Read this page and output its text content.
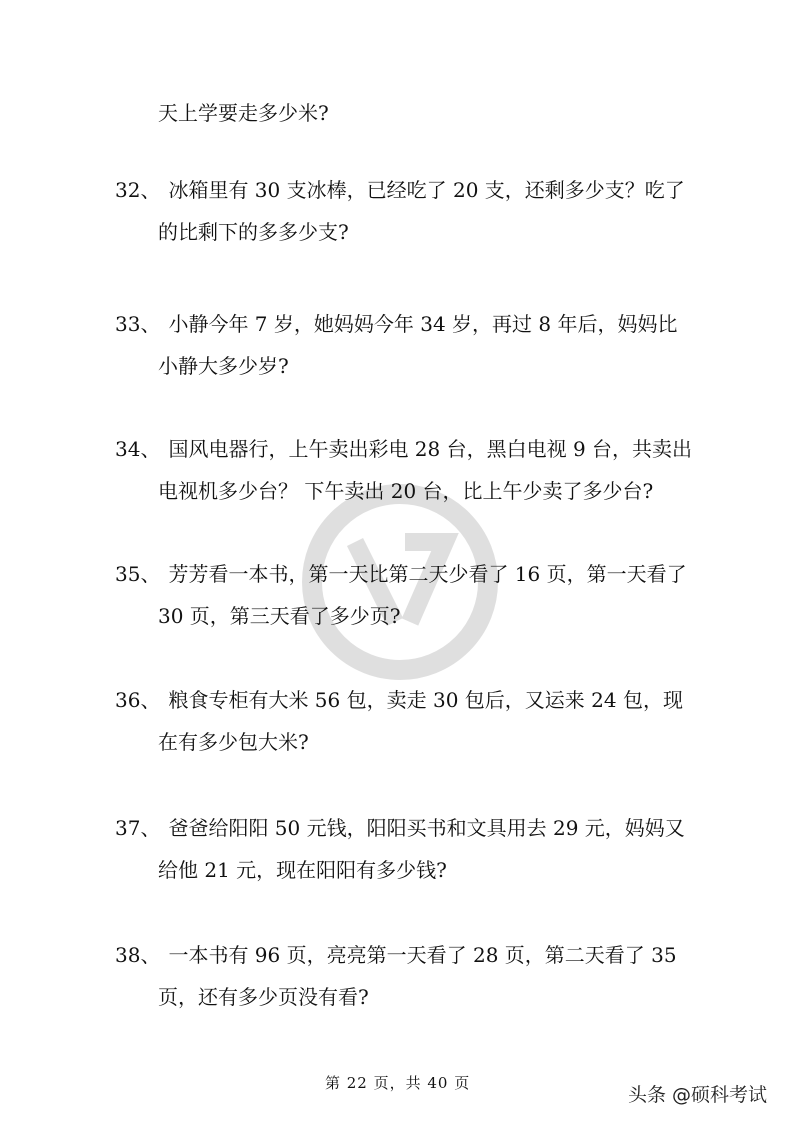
天上学要走多少米?
32、 冰箱里有 30 支冰棒，已经吃了 20 支，还剩多少支？吃了
的比剩下的多多少支?
33、 小静今年 7 岁，她妈妈今年 34 岁，再过 8 年后，妈妈比
小静大多少岁?
34、 国风电器行，上午卖出彩电 28 台，黑白电视 9 台，共卖出
电视机多少台？ 下午卖出 20 台，比上午少卖了多少台?
35、 芳芳看一本书，第一天比第二天少看了 16 页，第一天看了
30 页，第三天看了多少页?
36、 粮食专柜有大米 56 包，卖走 30 包后，又运来 24 包，现
在有多少包大米?
37、 爸爸给阳阳 50 元钱，阳阳买书和文具用去 29 元，妈妈又
给他 21 元，现在阳阳有多少钱?
38、 一本书有 96 页，亮亮第一天看了 28 页，第二天看了 35
页，还有多少页没有看?
第 22 页，共 40 页
头条 @硕科考试
